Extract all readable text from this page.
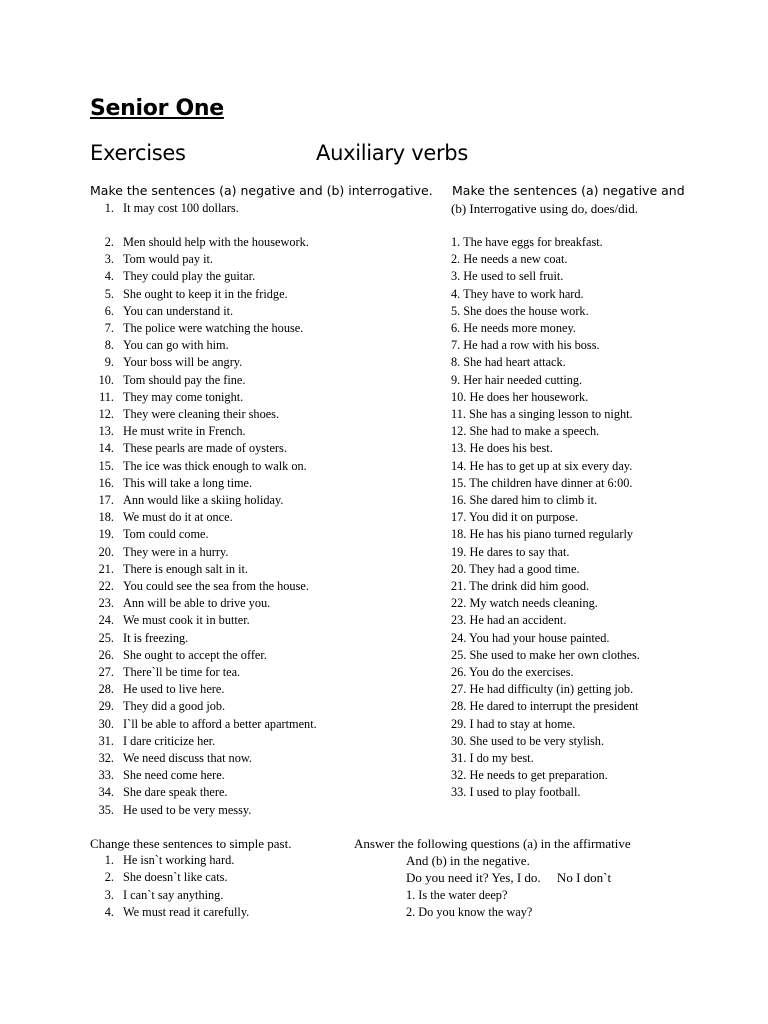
Senior One
Exercises	Auxiliary verbs
Make the sentences (a) negative and (b) interrogative.
1. It may cost 100 dollars.
2. Men should help with the housework.
3. Tom would pay it.
4. They could play the guitar.
5. She ought to keep it in the fridge.
6. You can understand it.
7. The police were watching the house.
8. You can go with him.
9. Your boss will be angry.
10. Tom should pay the fine.
11. They may come tonight.
12. They were cleaning their shoes.
13. He must write in French.
14. These pearls are made of oysters.
15. The ice was thick enough to walk on.
16. This will take a long time.
17. Ann would like a skiing holiday.
18. We must do it at once.
19. Tom could come.
20. They were in a hurry.
21. There is enough salt in it.
22. You could see the sea from the house.
23. Ann will be able to drive you.
24. We must cook it in butter.
25. It is freezing.
26. She ought to accept the offer.
27. There`ll be time for tea.
28. He used to live here.
29. They did a good job.
30. I`ll be able to afford a better apartment.
31. I dare criticize her.
32. We need discuss that now.
33. She need come here.
34. She dare speak there.
35. He used to be very messy.
Make the sentences (a) negative and
(b) Interrogative using do, does/did.
1. The have eggs for breakfast.
2. He needs a new coat.
3. He used to sell fruit.
4. They have to work hard.
5. She does the house work.
6. He needs more money.
7. He had a row with his boss.
8. She had heart attack.
9. Her hair needed cutting.
10. He does her housework.
11. She has a singing lesson to night.
12. She had to make a speech.
13. He does his best.
14. He has to get up at six every day.
15. The children have dinner at 6:00.
16. She dared him to climb it.
17. You did it on purpose.
18. He has his piano turned regularly
19. He dares to say that.
20. They had a good time.
21. The drink did him good.
22. My watch needs cleaning.
23. He had an accident.
24. You had your house painted.
25. She used to make her own clothes.
26. You do the exercises.
27. He had difficulty (in) getting job.
28. He dared to interrupt the president
29. I had to stay at home.
30. She used to be very stylish.
31. I do my best.
32. He needs to get preparation.
33. I used to play football.
Change these sentences to simple past.
1. He isn`t working hard.
2. She doesn`t like cats.
3. I can`t say anything.
4. We must read it carefully.
Answer the following questions (a) in the affirmative
And (b) in the negative.
Do you need it? Yes, I do.     No I don`t
1. Is the water deep?
2. Do you know the way?
